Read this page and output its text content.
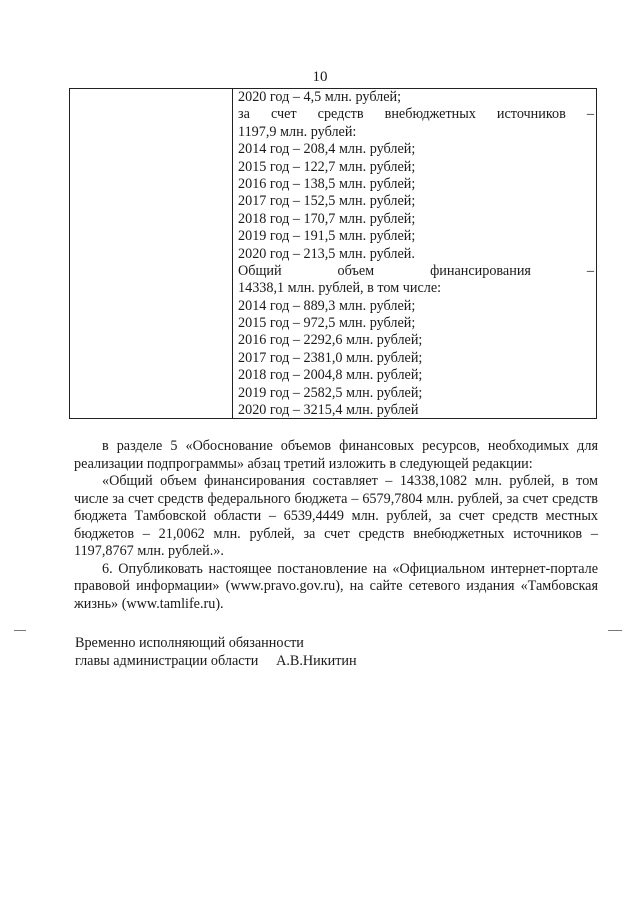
10
2020 год – 4,5 млн. рублей;
за счет средств внебюджетных источников –
1197,9 млн. рублей:
2014 год – 208,4 млн. рублей;
2015 год – 122,7 млн. рублей;
2016 год – 138,5 млн. рублей;
2017 год – 152,5 млн. рублей;
2018 год – 170,7 млн. рублей;
2019 год – 191,5 млн. рублей;
2020 год – 213,5 млн. рублей.
Общий объем финансирования –
14338,1 млн. рублей, в том числе:
2014 год – 889,3 млн. рублей;
2015 год – 972,5 млн. рублей;
2016 год – 2292,6 млн. рублей;
2017 год – 2381,0 млн. рублей;
2018 год – 2004,8 млн. рублей;
2019 год – 2582,5 млн. рублей;
2020 год – 3215,4 млн. рублей

в разделе 5 «Обоснование объемов финансовых ресурсов, необходимых для реализации подпрограммы» абзац третий изложить в следующей редакции:

«Общий объем финансирования составляет – 14338,1082 млн. рублей, в том числе за счет средств федерального бюджета – 6579,7804 млн. рублей, за счет средств бюджета Тамбовской области – 6539,4449 млн. рублей, за счет средств местных бюджетов – 21,0062 млн. рублей, за счет средств внебюджетных источников – 1197,8767 млн. рублей.».

6. Опубликовать настоящее постановление на «Официальном интернет-портале правовой информации» (www.pravo.gov.ru), на сайте сетевого издания «Тамбовская жизнь» (www.tamlife.ru).

Временно исполняющий обязанности
главы администрации области     А.В.Никитин
